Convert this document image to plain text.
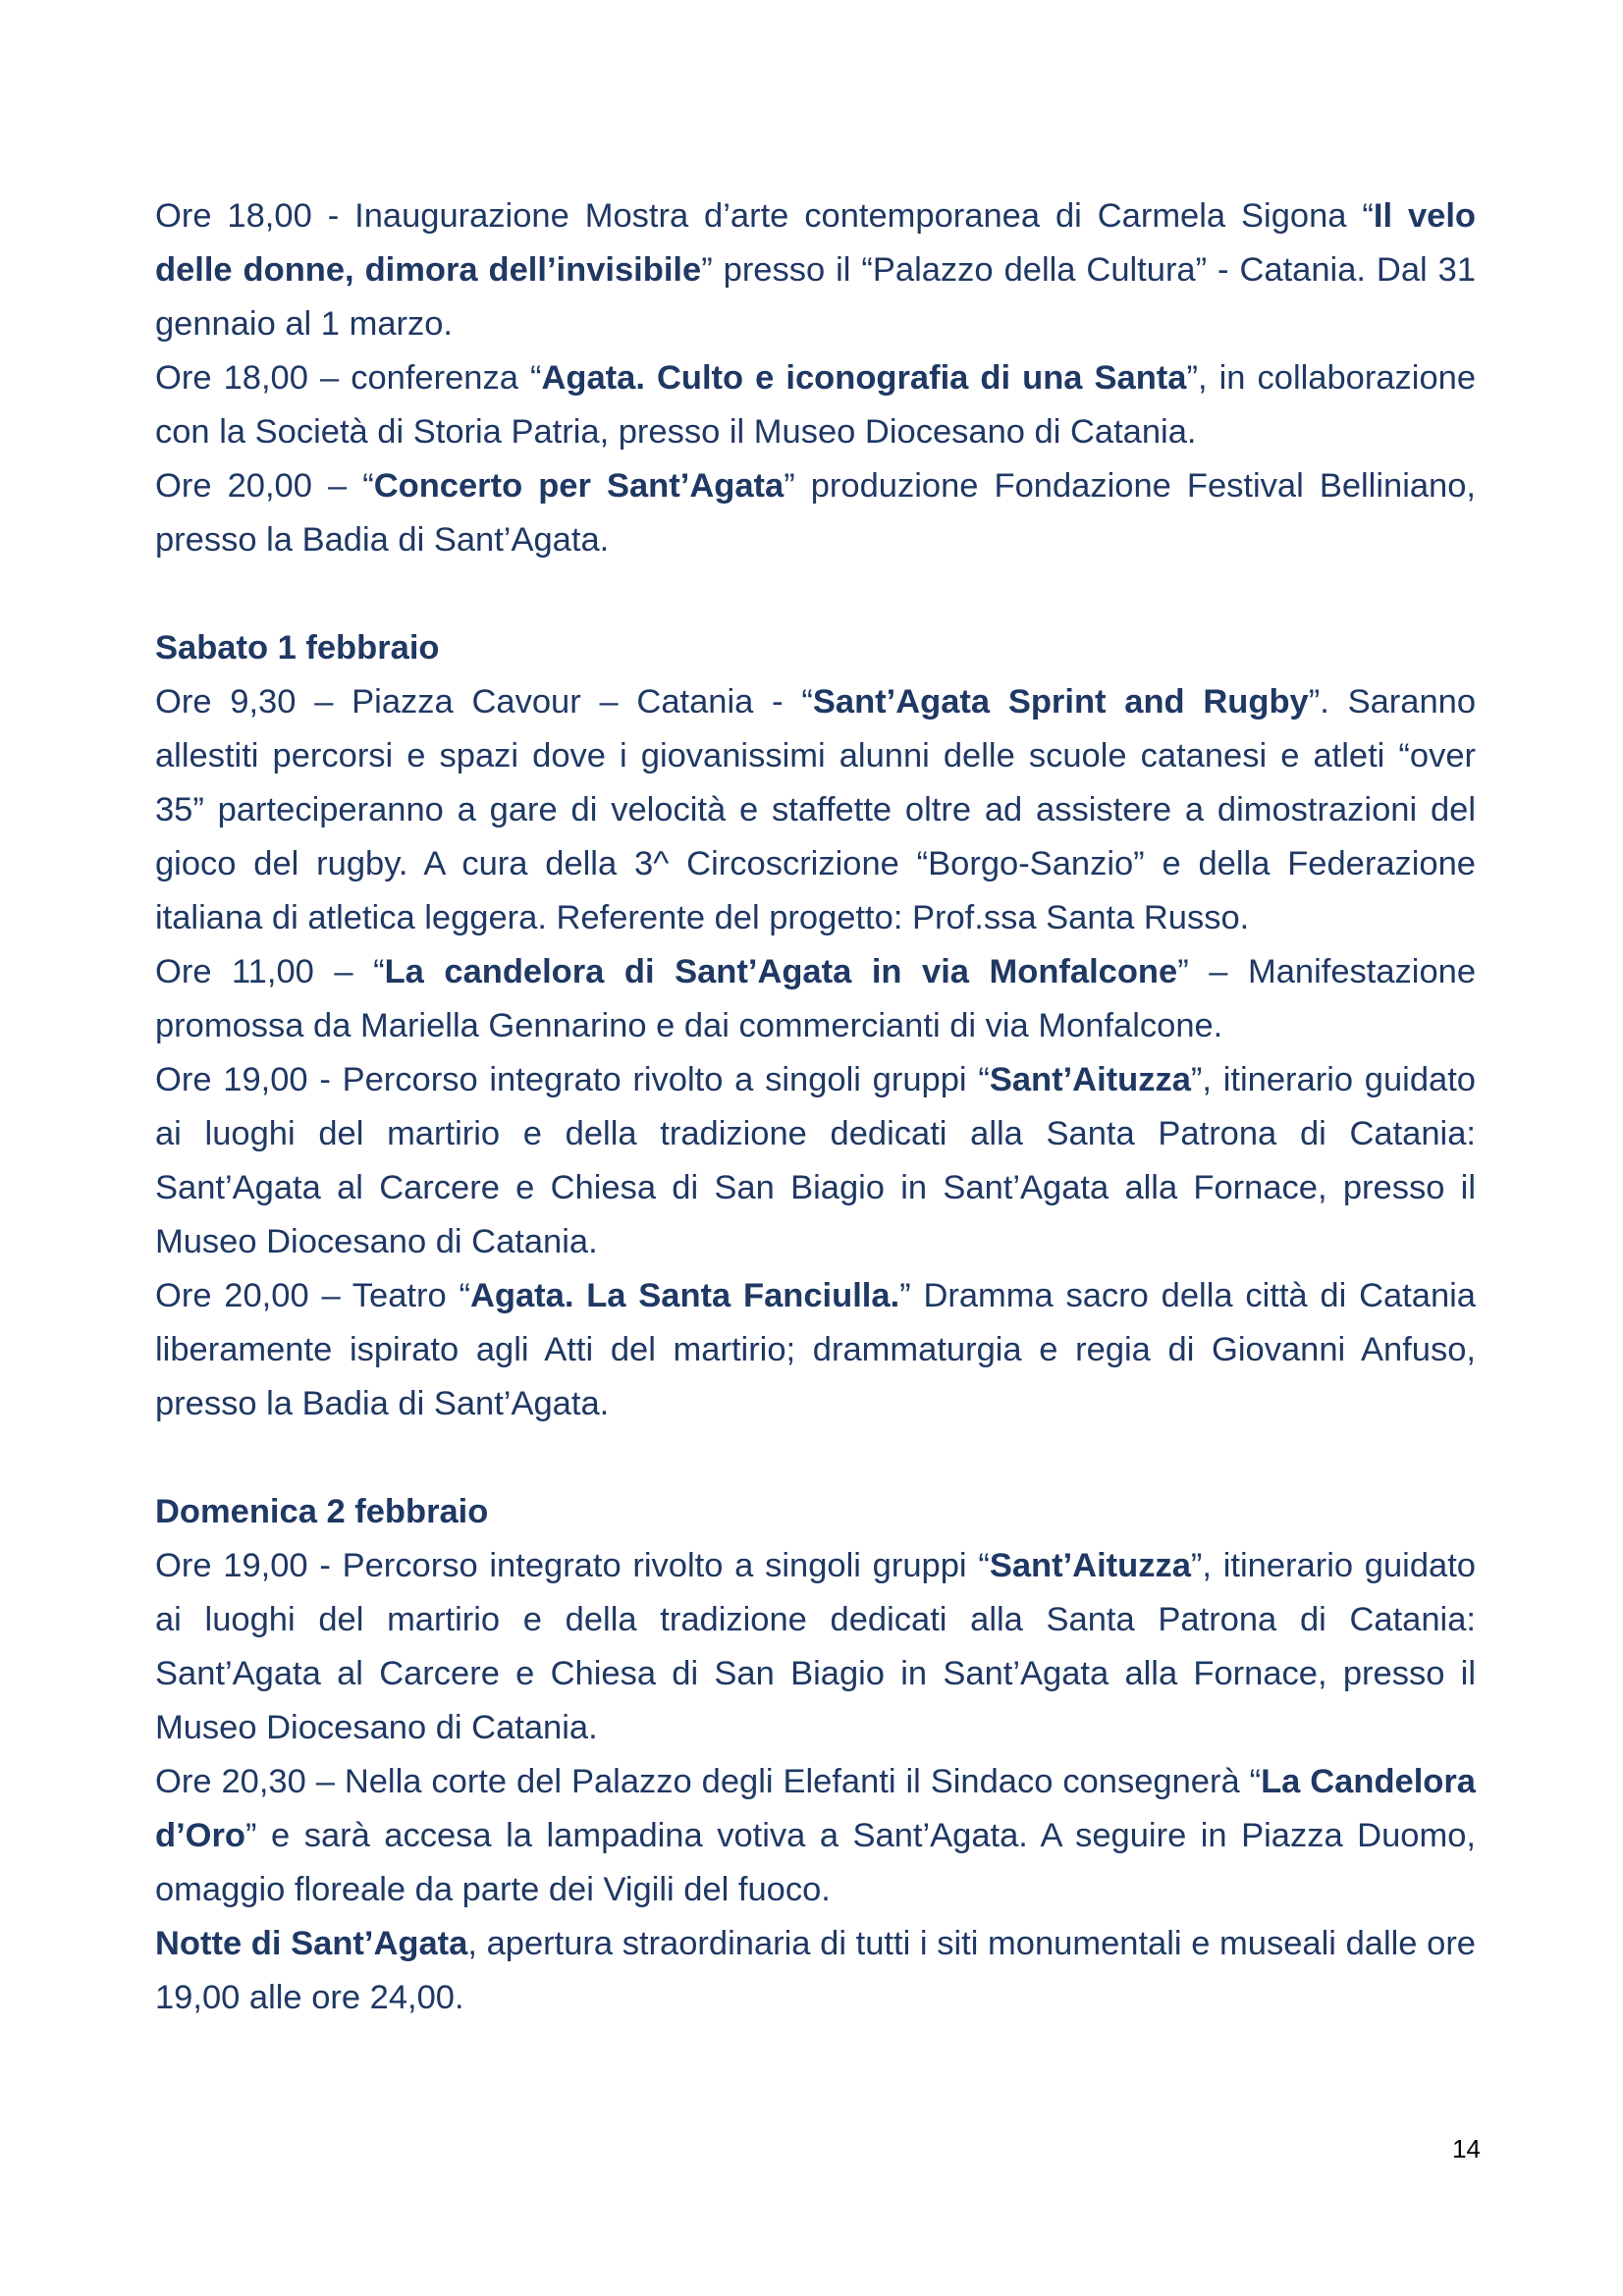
Ore 18,00 - Inaugurazione Mostra d’arte contemporanea di Carmela Sigona “Il velo delle donne, dimora dell’invisibile” presso il “Palazzo della Cultura” - Catania. Dal 31 gennaio al 1 marzo.

Ore 18,00 – conferenza “Agata. Culto e iconografia di una Santa”, in collaborazione con la Società di Storia Patria, presso il Museo Diocesano di Catania.

Ore 20,00 – “Concerto per Sant’Agata” produzione Fondazione Festival Belliniano, presso la Badia di Sant’Agata.

Sabato 1 febbraio

Ore 9,30 – Piazza Cavour – Catania - “Sant’Agata Sprint and Rugby”. Saranno allestiti percorsi e spazi dove i giovanissimi alunni delle scuole catanesi e atleti “over 35” parteciperanno a gare di velocità e staffette oltre ad assistere a dimostrazioni del gioco del rugby. A cura della 3^ Circoscrizione “Borgo-Sanzio” e della Federazione italiana di atletica leggera. Referente del progetto: Prof.ssa Santa Russo.

Ore 11,00 – “La candelora di Sant’Agata in via Monfalcone” – Manifestazione promossa da Mariella Gennarino e dai commercianti di via Monfalcone.

Ore 19,00 - Percorso integrato rivolto a singoli gruppi “Sant’Aituzza”, itinerario guidato ai luoghi del martirio e della tradizione dedicati alla Santa Patrona di Catania: Sant’Agata al Carcere e Chiesa di San Biagio in Sant’Agata alla Fornace, presso il Museo Diocesano di Catania.

Ore 20,00 – Teatro “Agata. La Santa Fanciulla.” Dramma sacro della città di Catania liberamente ispirato agli Atti del martirio; drammaturgia e regia di Giovanni Anfuso, presso la Badia di Sant’Agata.

Domenica 2 febbraio

Ore 19,00 - Percorso integrato rivolto a singoli gruppi “Sant’Aituzza”, itinerario guidato ai luoghi del martirio e della tradizione dedicati alla Santa Patrona di Catania: Sant’Agata al Carcere e Chiesa di San Biagio in Sant’Agata alla Fornace, presso il Museo Diocesano di Catania.

Ore 20,30 – Nella corte del Palazzo degli Elefanti il Sindaco consegnerà “La Candelora d’Oro” e sarà accesa la lampadina votiva a Sant’Agata. A seguire in Piazza Duomo, omaggio floreale da parte dei Vigili del fuoco.

Notte di Sant’Agata, apertura straordinaria di tutti i siti monumentali e museali dalle ore 19,00 alle ore 24,00.

14
